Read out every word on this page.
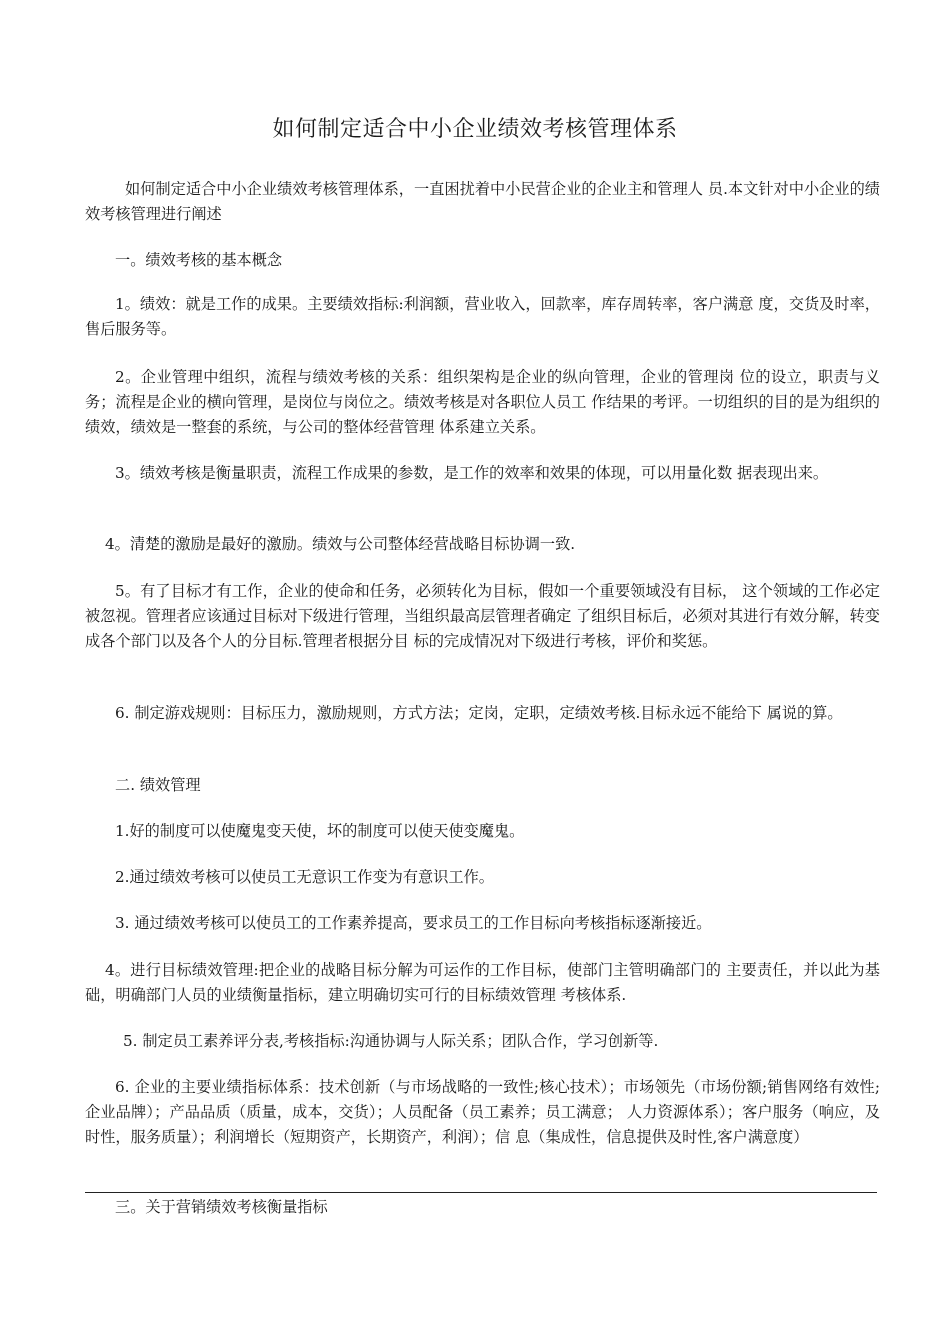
如何制定适合中小企业绩效考核管理体系

如何制定适合中小企业绩效考核管理体系，一直困扰着中小民营企业的企业主和管理人 员.本文针对中小企业的绩效考核管理进行阐述

一。绩效考核的基本概念

1。绩效：就是工作的成果。主要绩效指标:利润额，营业收入，回款率，库存周转率，客户满意 度，交货及时率，售后服务等。

2。企业管理中组织，流程与绩效考核的关系：组织架构是企业的纵向管理，企业的管理岗 位的设立，职责与义务；流程是企业的横向管理，是岗位与岗位之。绩效考核是对各职位人员工 作结果的考评。一切组织的目的是为组织的绩效，绩效是一整套的系统，与公司的整体经营管理 体系建立关系。

3。绩效考核是衡量职责，流程工作成果的参数，是工作的效率和效果的体现，可以用量化数 据表现出来。

4。清楚的激励是最好的激励。绩效与公司整体经营战略目标协调一致.

5。有了目标才有工作，企业的使命和任务，必须转化为目标，假如一个重要领域没有目标， 这个领域的工作必定被忽视。管理者应该通过目标对下级进行管理，当组织最高层管理者确定 了组织目标后，必须对其进行有效分解，转变成各个部门以及各个人的分目标.管理者根据分目 标的完成情况对下级进行考核，评价和奖惩。

6. 制定游戏规则：目标压力，激励规则，方式方法；定岗，定职，定绩效考核.目标永远不能给下 属说的算。

二. 绩效管理

1.好的制度可以使魔鬼变天使，坏的制度可以使天使变魔鬼。

2.通过绩效考核可以使员工无意识工作变为有意识工作。

3. 通过绩效考核可以使员工的工作素养提高，要求员工的工作目标向考核指标逐渐接近。

4。进行目标绩效管理:把企业的战略目标分解为可运作的工作目标，使部门主管明确部门的 主要责任，并以此为基础，明确部门人员的业绩衡量指标，建立明确切实可行的目标绩效管理 考核体系.

5. 制定员工素养评分表,考核指标:沟通协调与人际关系；团队合作，学习创新等.

6. 企业的主要业绩指标体系：技术创新（与市场战略的一致性;核心技术）；市场领先（市场份额;销售网络有效性;企业品牌）；产品品质（质量，成本，交货）；人员配备（员工素养；员工满意； 人力资源体系）；客户服务（响应，及时性，服务质量）；利润增长（短期资产，长期资产，利润）；信 息（集成性，信息提供及时性,客户满意度）

三。关于营销绩效考核衡量指标
